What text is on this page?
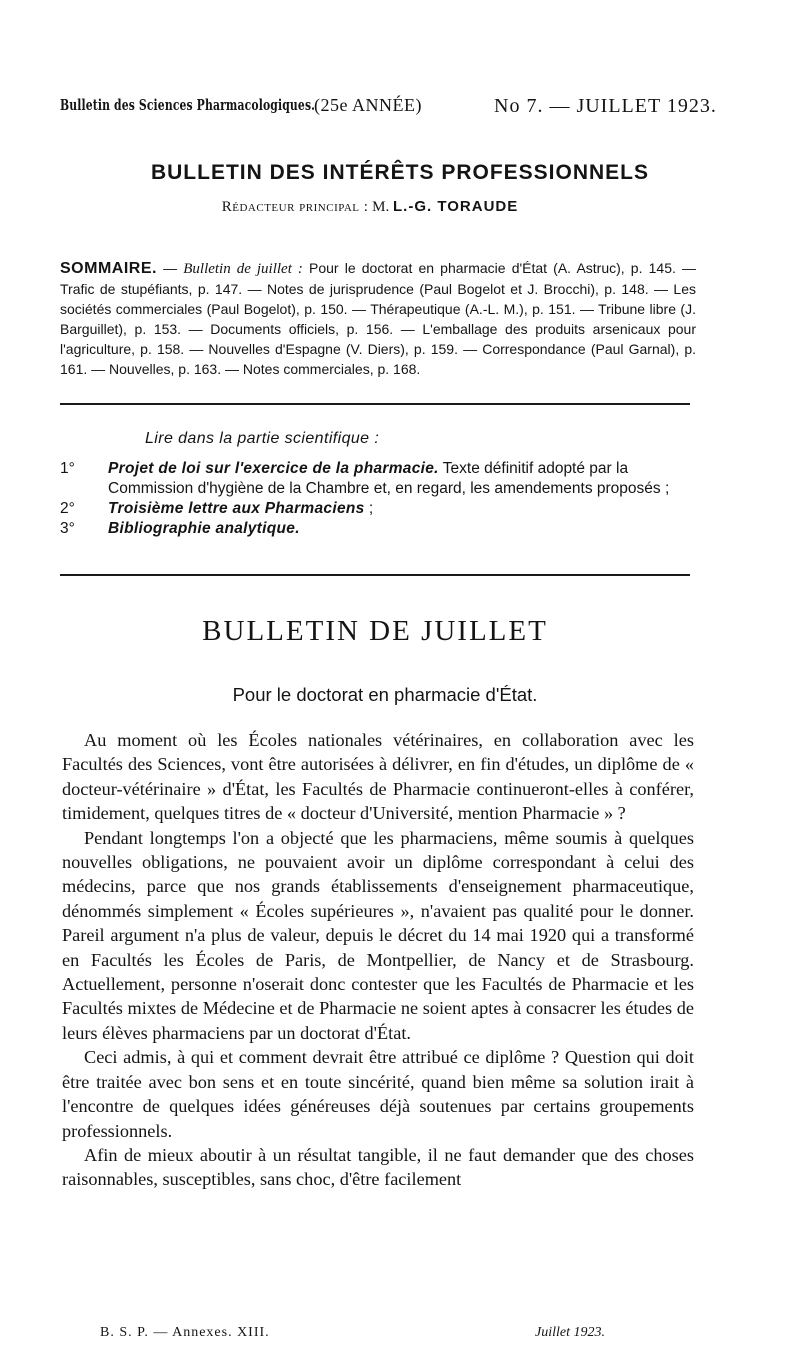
Bulletin des Sciences Pharmacologiques.
(25e ANNÉE)	No 7. — JUILLET 1923.
BULLETIN DES INTÉRÊTS PROFESSIONNELS
Rédacteur principal : M. L.-G. TORAUDE
SOMMAIRE. — Bulletin de juillet : Pour le doctorat en pharmacie d'État (A. Astruc), p. 145. — Trafic de stupéfiants, p. 147. — Notes de jurisprudence (Paul Bogelot et J. Brocchi), p. 148. — Les sociétés commerciales (Paul Bogelot), p. 150. — Thérapeutique (A.-L. M.), p. 151. — Tribune libre (J. Barguillet), p. 153. — Documents officiels, p. 156. — L'emballage des produits arsenicaux pour l'agriculture, p. 158. — Nouvelles d'Espagne (V. Diers), p. 159. — Correspondance (Paul Garnal), p. 161. — Nouvelles, p. 163. — Notes commerciales, p. 168.
Lire dans la partie scientifique :
1° Projet de loi sur l'exercice de la pharmacie. Texte définitif adopté par la Commission d'hygiène de la Chambre et, en regard, les amendements proposés ;
2° Troisième lettre aux Pharmaciens ;
3° Bibliographie analytique.
BULLETIN DE JUILLET
Pour le doctorat en pharmacie d'État.

Au moment où les Écoles nationales vétérinaires, en collaboration avec les Facultés des Sciences, vont être autorisées à délivrer, en fin d'études, un diplôme de « docteur-vétérinaire » d'État, les Facultés de Pharmacie continueront-elles à conférer, timidement, quelques titres de « docteur d'Université, mention Pharmacie » ?

Pendant longtemps l'on a objecté que les pharmaciens, même soumis à quelques nouvelles obligations, ne pouvaient avoir un diplôme correspondant à celui des médecins, parce que nos grands établissements d'enseignement pharmaceutique, dénommés simplement « Écoles supérieures », n'avaient pas qualité pour le donner. Pareil argument n'a plus de valeur, depuis le décret du 14 mai 1920 qui a transformé en Facultés les Écoles de Paris, de Montpellier, de Nancy et de Strasbourg. Actuellement, personne n'oserait donc contester que les Facultés de Pharmacie et les Facultés mixtes de Médecine et de Pharmacie ne soient aptes à consacrer les études de leurs élèves pharmaciens par un doctorat d'État.

Ceci admis, à qui et comment devrait être attribué ce diplôme ? Question qui doit être traitée avec bon sens et en toute sincérité, quand bien même sa solution irait à l'encontre de quelques idées généreuses déjà soutenues par certains groupements professionnels.

Afin de mieux aboutir à un résultat tangible, il ne faut demander que des choses raisonnables, susceptibles, sans choc, d'être facilement

B. S. P. — Annexes. XIII.	Juillet 1923.
